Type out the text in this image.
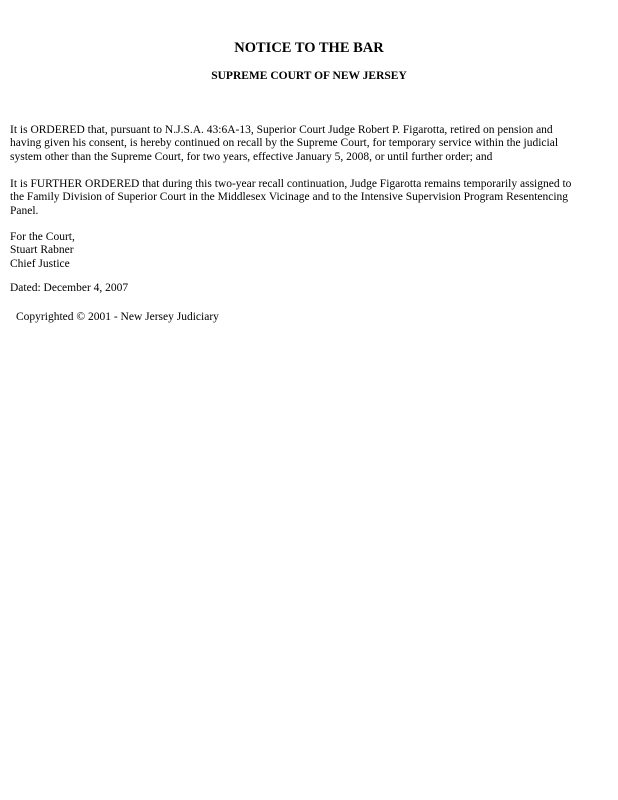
NOTICE TO THE BAR
SUPREME COURT OF NEW JERSEY
It is ORDERED that, pursuant to N.J.S.A. 43:6A-13, Superior Court Judge Robert P. Figarotta, retired on pension and
having given his consent, is hereby continued on recall by the Supreme Court, for temporary service within the judicial
system other than the Supreme Court, for two years, effective January 5, 2008, or until further order; and
It is FURTHER ORDERED that during this two-year recall continuation, Judge Figarotta remains temporarily assigned to
the Family Division of Superior Court in the Middlesex Vicinage and to the Intensive Supervision Program Resentencing
Panel.
For the Court,
Stuart Rabner
Chief Justice
Dated: December 4, 2007
Copyrighted © 2001 - New Jersey Judiciary
